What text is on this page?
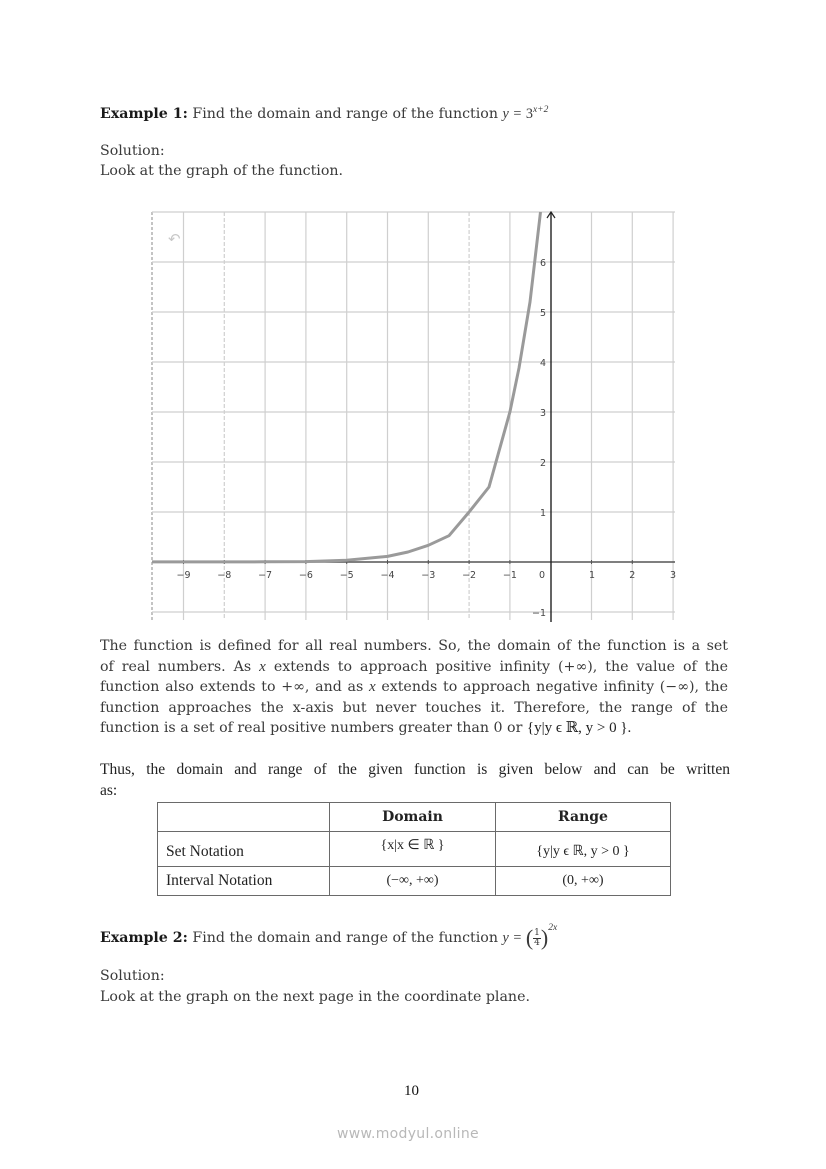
Example 1: Find the domain and range of the function $y = 3^{x+2}$
Solution:
Look at the graph of the function.
↶
−9	−8	−7	−6	−5	−4	−3	−2	−1 0	1	2	3
6
5
4
3
2
1
−1
The function is defined for all real numbers. So, the domain of the function is a set
of real numbers. As x extends to approach positive infinity (+∞), the value of the
function also extends to +∞, and as x extends to approach negative infinity (−∞), the
function approaches the x-axis but never touches it. Therefore, the range of the
function is a set of real positive numbers greater than 0 or {y|y ϵ ℝ, y > 0 }.
Thus, the domain and range of the given function is given below and can be written
as:
	Domain	Range
Set Notation	{x|x ∈ ℝ }	{y|y ϵ ℝ, y > 0 }
Interval Notation	(−∞, +∞)	(0, +∞)
Example 2: Find the domain and range of the function y = ( $\frac{1}{4} )^{2x}$
Solution:
Look at the graph on the next page in the coordinate plane.
10
www.modyul.online
